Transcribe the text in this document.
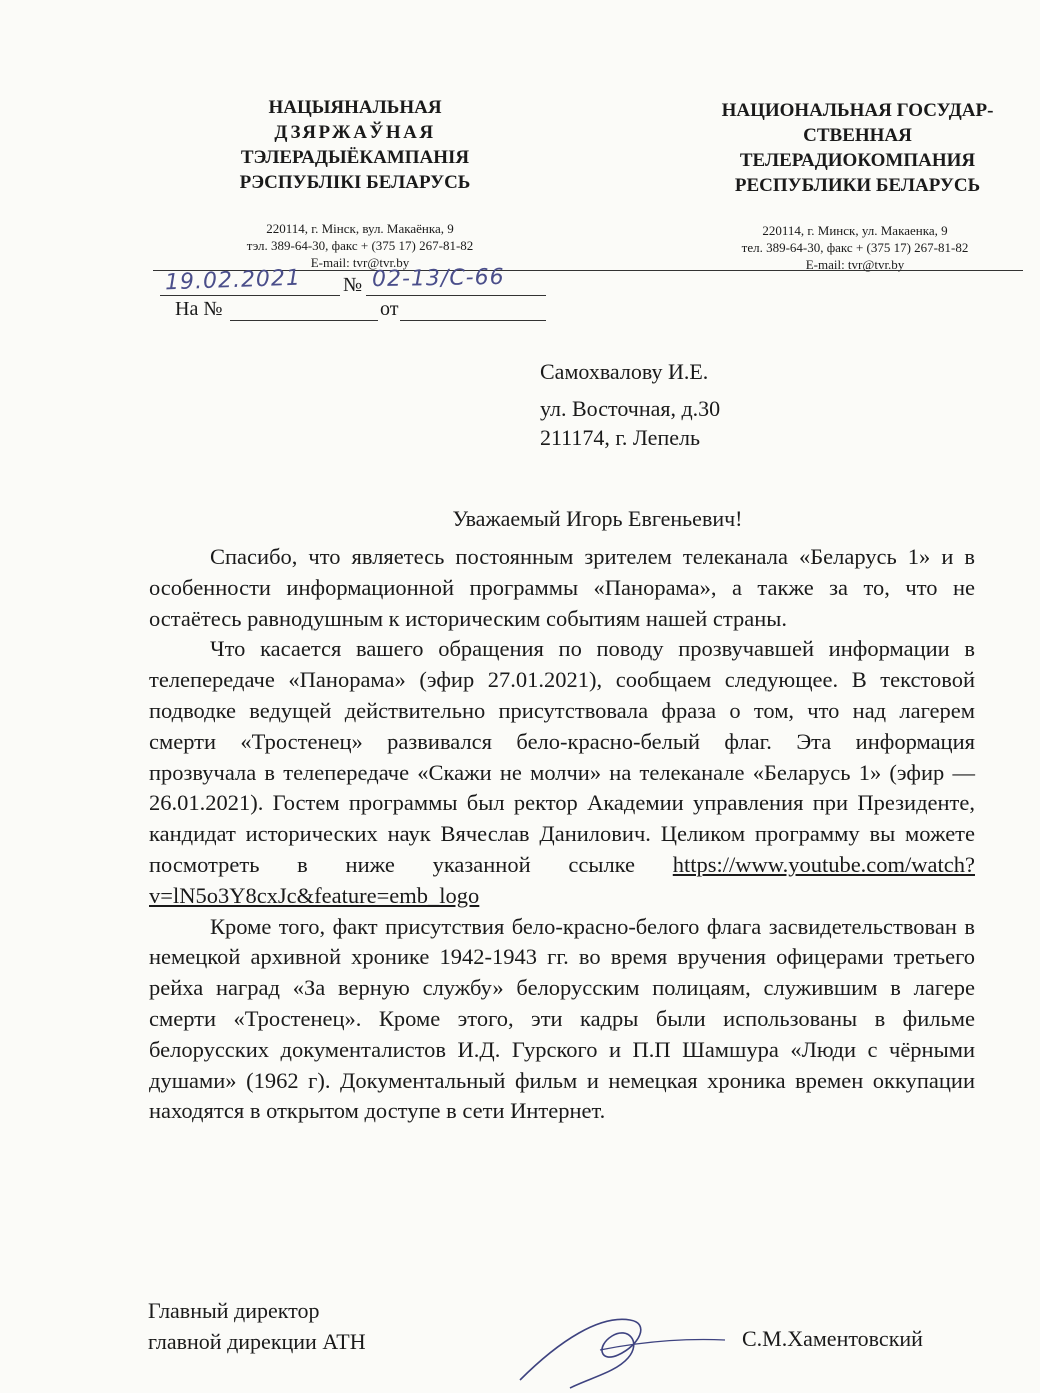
НАЦЫЯНАЛЬНАЯ
ДЗЯРЖАЎНАЯ
ТЭЛЕРАДЫЁКАМПАНІЯ
РЭСПУБЛІКІ БЕЛАРУСЬ
220114, г. Мінск, вул. Макаёнка, 9
тэл. 389-64-30, факс + (375 17) 267-81-82
E-mail: tvr@tvr.by
НАЦИОНАЛЬНАЯ ГОСУДАР-
СТВЕННАЯ
ТЕЛЕРАДИОКОМПАНИЯ
РЕСПУБЛИКИ БЕЛАРУСЬ
220114, г. Минск, ул. Макаенка, 9
тел. 389-64-30, факс + (375 17) 267-81-82
E-mail: tvr@tvr.by
19.02.2021 № 02-13/С-66
На №	от
Самохвалову И.Е.
ул. Восточная, д.30
211174, г. Лепель
Уважаемый Игорь Евгеньевич!

Спасибо, что являетесь постоянным зрителем телеканала «Беларусь 1» и в особенности информационной программы «Панорама», а также за то, что не остаётесь равнодушным к историческим событиям нашей страны.

Что касается вашего обращения по поводу прозвучавшей информации в телепередаче «Панорама» (эфир 27.01.2021), сообщаем следующее. В текстовой подводке ведущей действительно присутствовала фраза о том, что над лагерем смерти «Тростенец» развивался бело-красно-белый флаг. Эта информация прозвучала в телепередаче «Скажи не молчи» на телеканале «Беларусь 1» (эфир — 26.01.2021). Гостем программы был ректор Академии управления при Президенте, кандидат исторических наук Вячеслав Данилович. Целиком программу вы можете посмотреть в ниже указанной ссылке https://www.youtube.com/watch?v=lN5o3Y8cxJc&feature=emb_logo

Кроме того, факт присутствия бело-красно-белого флага засвидетельствован в немецкой архивной хронике 1942-1943 гг. во время вручения офицерами третьего рейха наград «За верную службу» белорусским полицаям, служившим в лагере смерти «Тростенец». Кроме этого, эти кадры были использованы в фильме белорусских документалистов И.Д. Гурского и П.П Шамшура «Люди с чёрными душами» (1962 г). Документальный фильм и немецкая хроника времен оккупации находятся в открытом доступе в сети Интернет.

Главный директор
главной дирекции АТН	С.М.Хаментовский
